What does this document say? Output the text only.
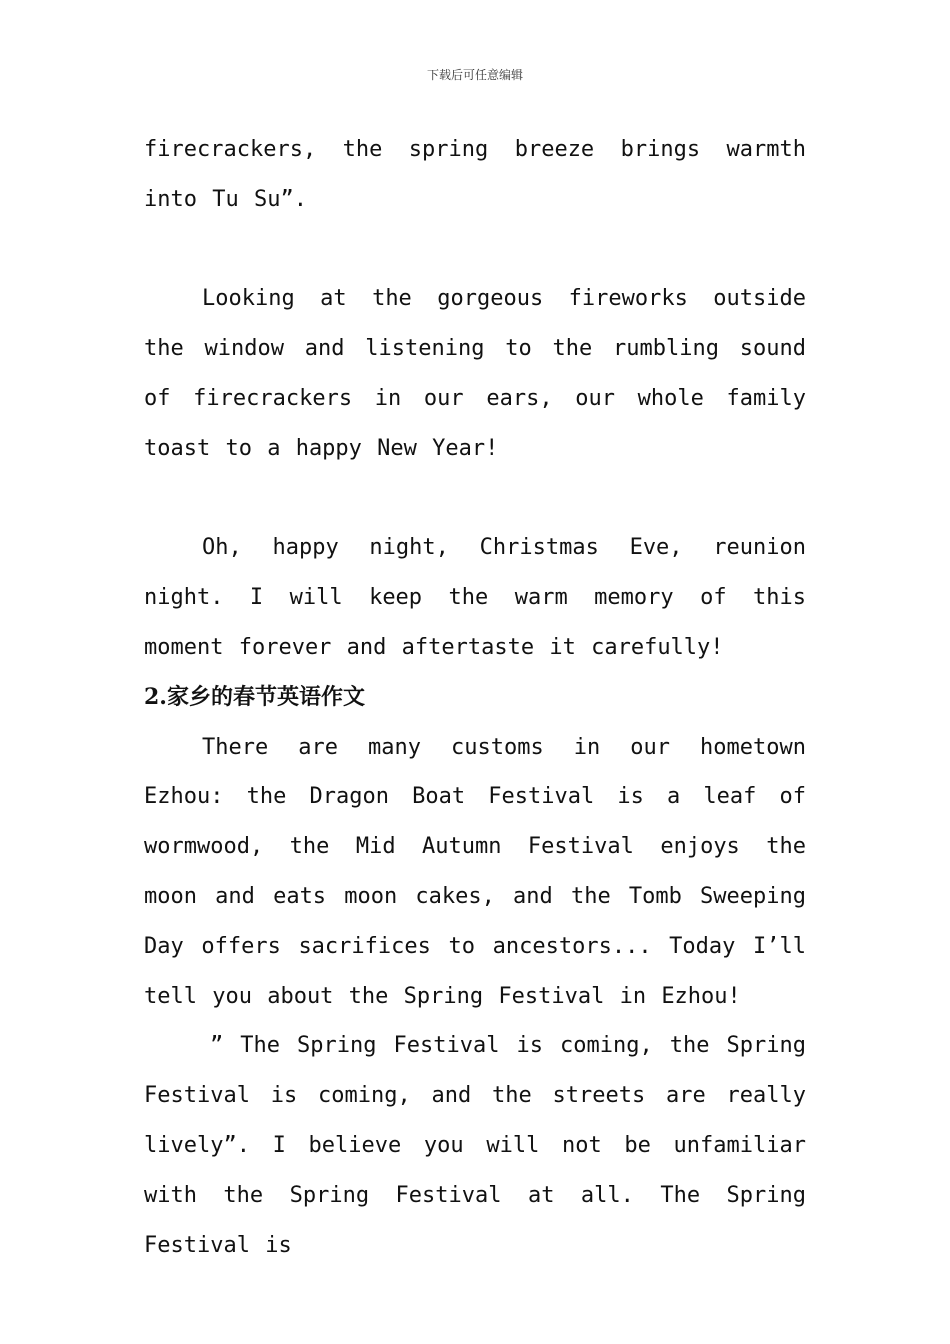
下载后可任意编辑

firecrackers, the spring breeze brings warmth into Tu Su”.

Looking at the gorgeous fireworks outside the window and listening to the rumbling sound of firecrackers in our ears, our whole family toast to a happy New Year!

Oh, happy night, Christmas Eve, reunion night. I will keep the warm memory of this moment forever and aftertaste it carefully!

2.家乡的春节英语作文

There are many customs in our hometown Ezhou: the Dragon Boat Festival is a leaf of wormwood, the Mid Autumn Festival enjoys the moon and eats moon cakes, and the Tomb Sweeping Day offers sacrifices to ancestors... Today I’ll tell you about the Spring Festival in Ezhou!

” The Spring Festival is coming, the Spring Festival is coming, and the streets are really lively”. I believe you will not be unfamiliar with the Spring Festival at all. The Spring Festival is
